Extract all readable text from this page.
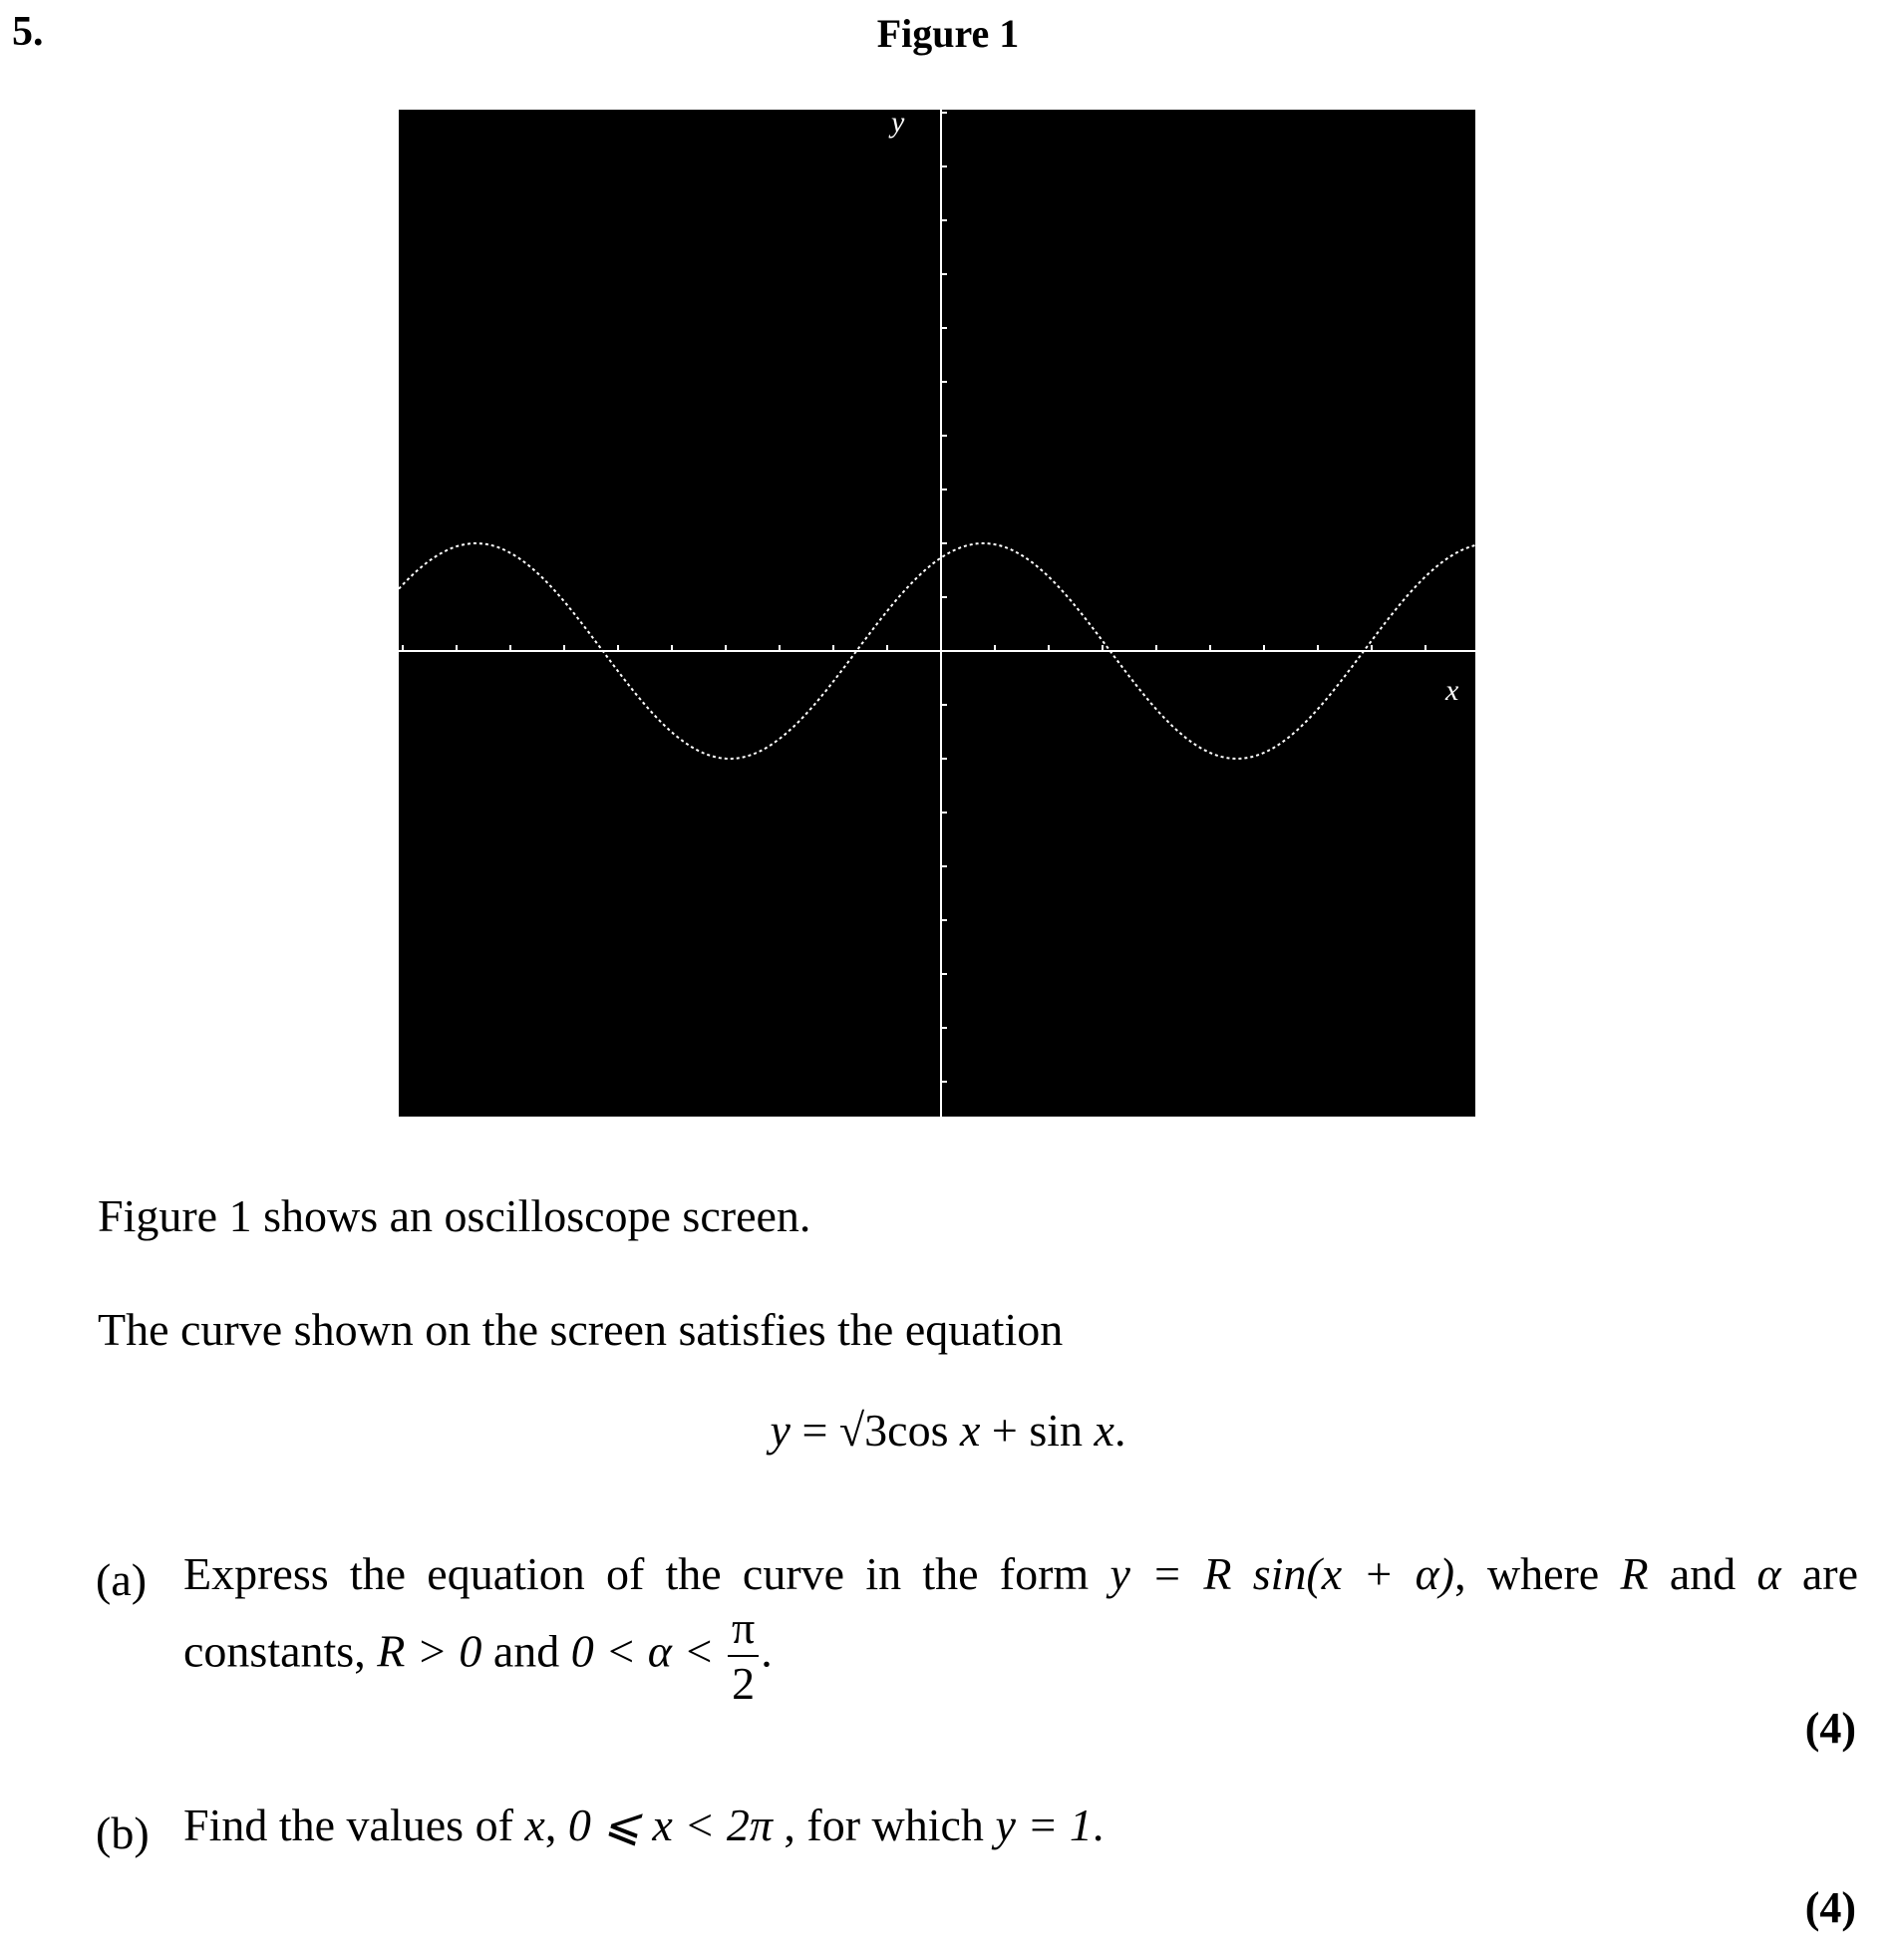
5.	Figure 1
x
y
Figure 1 shows an oscilloscope screen.
The curve shown on the screen satisfies the equation
y = √3cos x + sin x.
(a) Express the equation of the curve in the form y = R sin(x + α), where R and α are constants, R > 0 and $0 < \alpha < \frac{\pi}{2}$ .
(4)
(b) Find the values of x, 0 ⩽ x < 2π , for which y = 1.
(4)
